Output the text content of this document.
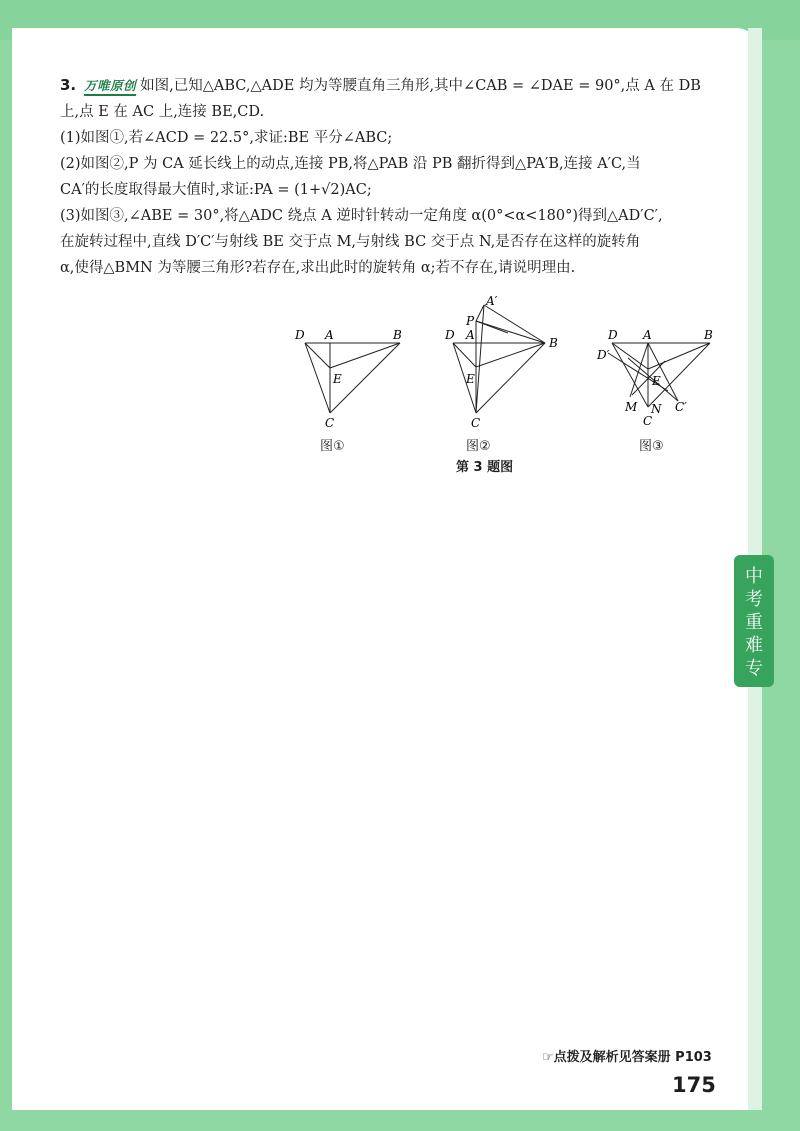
3. 万唯原创 如图,已知△ABC,△ADE 均为等腰直角三角形,其中∠CAB = ∠DAE = 90°,点 A 在 DB

上,点 E 在 AC 上,连接 BE,CD.

(1)如图①,若∠ACD = 22.5°,求证:BE 平分∠ABC;

(2)如图②,P 为 CA 延长线上的动点,连接 PB,将△PAB 沿 PB 翻折得到△PA′B,连接 A′C,当

CA′的长度取得最大值时,求证:PA = (1+√2)AC;

(3)如图③,∠ABE = 30°,将△ADC 绕点 A 逆时针转动一定角度 α(0°<α<180°)得到△AD′C′,

在旋转过程中,直线 D′C′与射线 BE 交于点 M,与射线 BC 交于点 N,是否存在这样的旋转角

α,使得△BMN 为等腰三角形?若存在,求出此时的旋转角 α;若不存在,请说明理由.

D A	B
E
C
A′
P
D A
B
E
C
D A	B
D′
E
M N C′
C
图①	图②	图③
第 3 题图
中
考
重
难
专
☞点拨及解析见答案册 P103
175
